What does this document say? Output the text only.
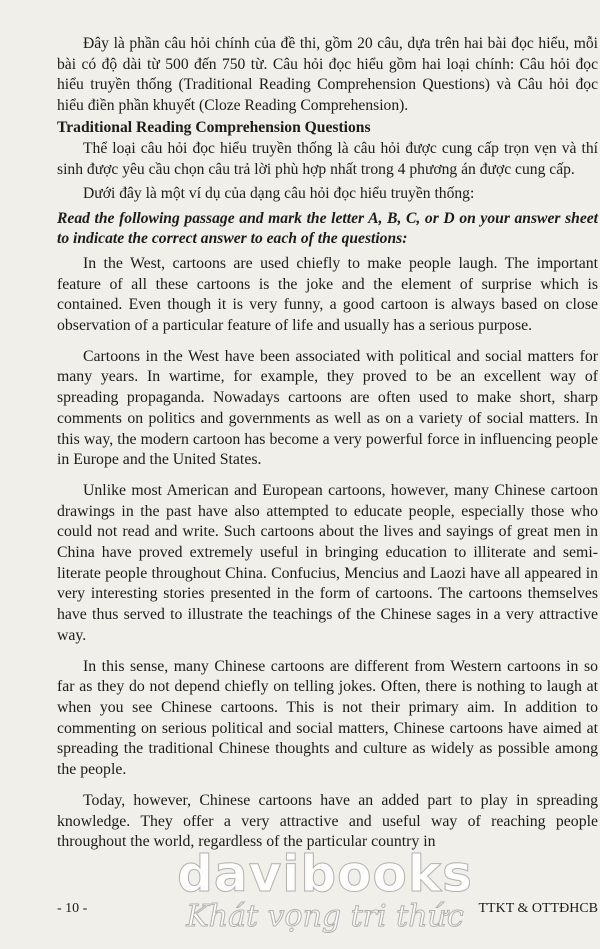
Đây là phần câu hỏi chính của đề thi, gồm 20 câu, dựa trên hai bài đọc hiểu, mỗi bài có độ dài từ 500 đến 750 từ. Câu hỏi đọc hiểu gồm hai loại chính: Câu hỏi đọc hiểu truyền thống (Traditional Reading Comprehension Questions) và Câu hỏi đọc hiểu điền phần khuyết (Cloze Reading Comprehension).

Traditional Reading Comprehension Questions

Thể loại câu hỏi đọc hiểu truyền thống là câu hỏi được cung cấp trọn vẹn và thí sinh được yêu cầu chọn câu trả lời phù hợp nhất trong 4 phương án được cung cấp.

Dưới đây là một ví dụ của dạng câu hỏi đọc hiểu truyền thống:

Read the following passage and mark the letter A, B, C, or D on your answer sheet to indicate the correct answer to each of the questions:

In the West, cartoons are used chiefly to make people laugh. The important feature of all these cartoons is the joke and the element of surprise which is contained. Even though it is very funny, a good cartoon is always based on close observation of a particular feature of life and usually has a serious purpose.

Cartoons in the West have been associated with political and social matters for many years. In wartime, for example, they proved to be an excellent way of spreading propaganda. Nowadays cartoons are often used to make short, sharp comments on politics and governments as well as on a variety of social matters. In this way, the modern cartoon has become a very powerful force in influencing people in Europe and the United States.

Unlike most American and European cartoons, however, many Chinese cartoon drawings in the past have also attempted to educate people, especially those who could not read and write. Such cartoons about the lives and sayings of great men in China have proved extremely useful in bringing education to illiterate and semi-literate people throughout China. Confucius, Mencius and Laozi have all appeared in very interesting stories presented in the form of cartoons. The cartoons themselves have thus served to illustrate the teachings of the Chinese sages in a very attractive way.

In this sense, many Chinese cartoons are different from Western cartoons in so far as they do not depend chiefly on telling jokes. Often, there is nothing to laugh at when you see Chinese cartoons. This is not their primary aim. In addition to commenting on serious political and social matters, Chinese cartoons have aimed at spreading the traditional Chinese thoughts and culture as widely as possible among the people.

Today, however, Chinese cartoons have an added part to play in spreading knowledge. They offer a very attractive and useful way of reaching people throughout the world, regardless of the particular country in

- 10 -	TTKT & OTTĐHCB
davibooks
Khát vọng tri thức
